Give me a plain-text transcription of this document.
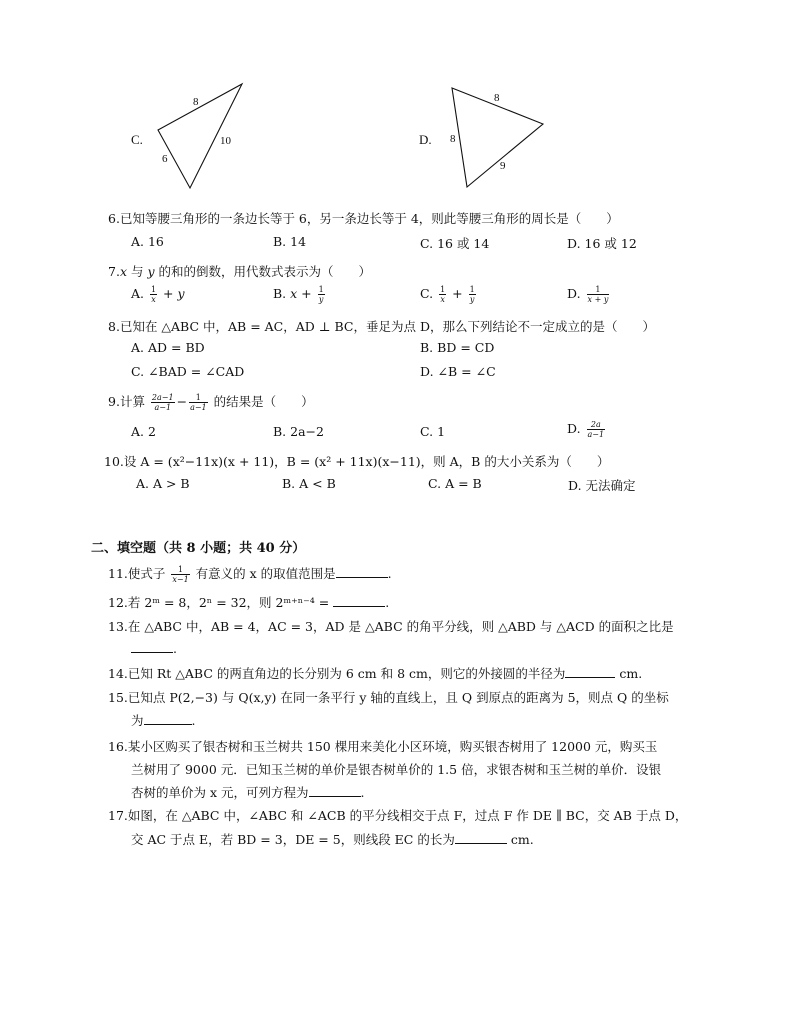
C.
8
6
10	D.
8
8
9
6.已知等腰三角形的一条边长等于 6，另一条边长等于 4，则此等腰三角形的周长是（　　）
A. 16	B. 14	C. 16 或 14	D. 16 或 12
7.x 与 y 的和的倒数，用代数式表示为（　　）
A. $\frac{1}{x} + y$	B. $x + \frac{1}{y}$	C. $\frac{1}{x} + \frac{1}{y}$	D. $\frac{1}{x + y}$
8.已知在 △ABC 中，AB = AC，AD ⊥ BC，垂足为点 D，那么下列结论不一定成立的是（　　）
A. AD = BD	B. BD = CD
C. ∠BAD = ∠CAD	D. ∠B = ∠C
9.计算 $\frac{2a-1}{a-1} - \frac{1}{a-1}$ 的结果是（　　）
A. 2	B. 2a−2	C. 1	D. $\frac{2a}{a-1}$
10.设 A = (x²−11x)(x + 11)，B = (x² + 11x)(x−11)，则 A，B 的大小关系为（　　）
A. A > B	B. A < B	C. A = B	D. 无法确定
二、填空题（共 8 小题；共 40 分）
11.使式子 $\frac{1}{x-1}$ 有意义的 x 的取值范围是	.
12.若 2ᵐ = 8，2ⁿ = 32，则 2ᵐ⁺ⁿ⁻⁴ =	.
13.在 △ABC 中，AB = 4，AC = 3，AD 是 △ABC 的角平分线，则 △ABD 与 △ACD 的面积之比是
.
14.已知 Rt △ABC 的两直角边的长分别为 6 cm 和 8 cm，则它的外接圆的半径为	cm.
15.已知点 P(2,−3) 与 Q(x,y) 在同一条平行 y 轴的直线上，且 Q 到原点的距离为 5，则点 Q 的坐标
为	.
16.某小区购买了银杏树和玉兰树共 150 棵用来美化小区环境，购买银杏树用了 12000 元，购买玉
兰树用了 9000 元．已知玉兰树的单价是银杏树单价的 1.5 倍，求银杏树和玉兰树的单价．设银
杏树的单价为 x 元，可列方程为	.
17.如图，在 △ABC 中，∠ABC 和 ∠ACB 的平分线相交于点 F，过点 F 作 DE ∥ BC，交 AB 于点 D，
交 AC 于点 E，若 BD = 3，DE = 5，则线段 EC 的长为	cm.
